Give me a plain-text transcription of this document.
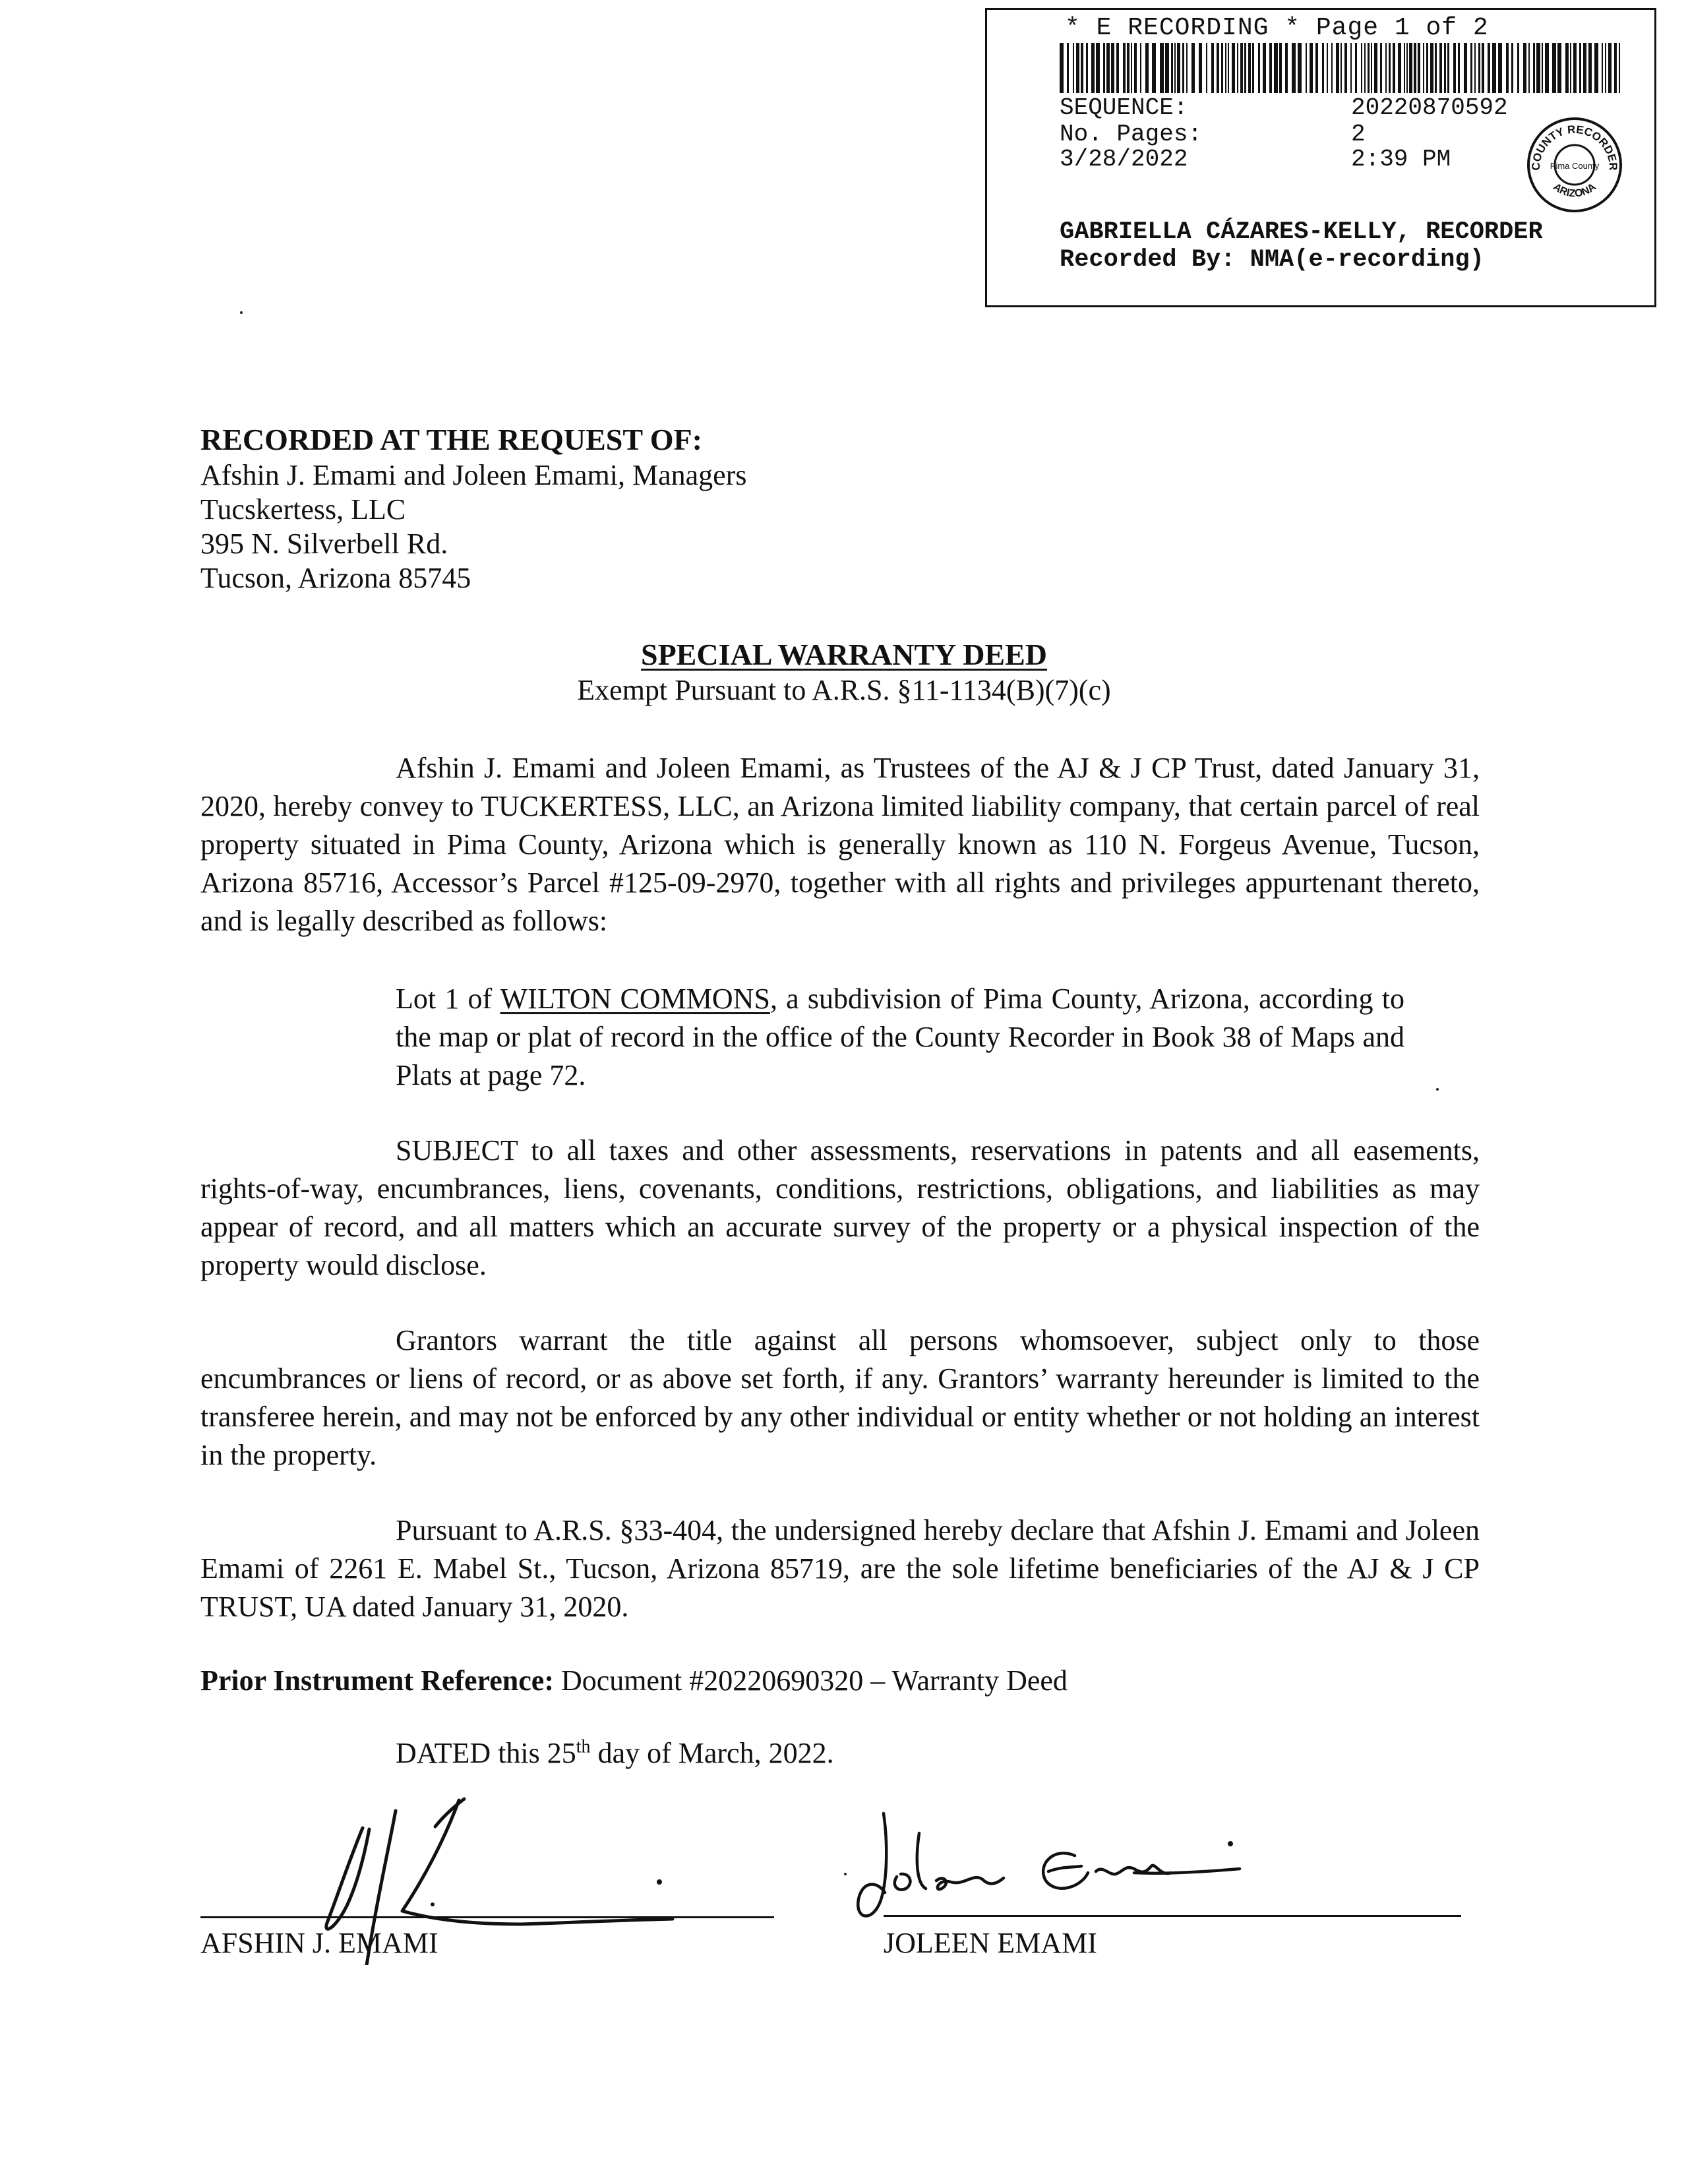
* E RECORDING * Page 1 of 2
SEQUENCE:	20220870592
No. Pages:	2
3/28/2022	2:39 PM	COUNTY RECORDER
ARIZONA
Pima County
GABRIELLA CÁZARES-KELLY, RECORDER
Recorded By: NMA(e-recording)
RECORDED AT THE REQUEST OF:
Afshin J. Emami and Joleen Emami, Managers
Tucskertess, LLC
395 N. Silverbell Rd.
Tucson, Arizona 85745
SPECIAL WARRANTY DEED
Exempt Pursuant to A.R.S. §11-1134(B)(7)(c)
Afshin J. Emami and Joleen Emami, as Trustees of the AJ & J CP Trust, dated January 31, 2020, hereby convey to TUCKERTESS, LLC, an Arizona limited liability company, that certain parcel of real property situated in Pima County, Arizona which is generally known as 110 N. Forgeus Avenue, Tucson, Arizona 85716, Accessor’s Parcel #125-09-2970, together with all rights and privileges appurtenant thereto, and is legally described as follows:
Lot 1 of WILTON COMMONS, a subdivision of Pima County, Arizona, according to the map or plat of record in the office of the County Recorder in Book 38 of Maps and Plats at page 72.
SUBJECT to all taxes and other assessments, reservations in patents and all easements, rights-of-way, encumbrances, liens, covenants, conditions, restrictions, obligations, and liabilities as may appear of record, and all matters which an accurate survey of the property or a physical inspection of the property would disclose.
Grantors warrant the title against all persons whomsoever, subject only to those encumbrances or liens of record, or as above set forth, if any. Grantors’ warranty hereunder is limited to the transferee herein, and may not be enforced by any other individual or entity whether or not holding an interest in the property.
Pursuant to A.R.S. §33-404, the undersigned hereby declare that Afshin J. Emami and Joleen Emami of 2261 E. Mabel St., Tucson, Arizona 85719, are the sole lifetime beneficiaries of the AJ & J CP TRUST, UA dated January 31, 2020.
Prior Instrument Reference: Document #20220690320 – Warranty Deed
DATED this 25th day of March, 2022.
AFSHIN J. EMAMI	JOLEEN EMAMI
